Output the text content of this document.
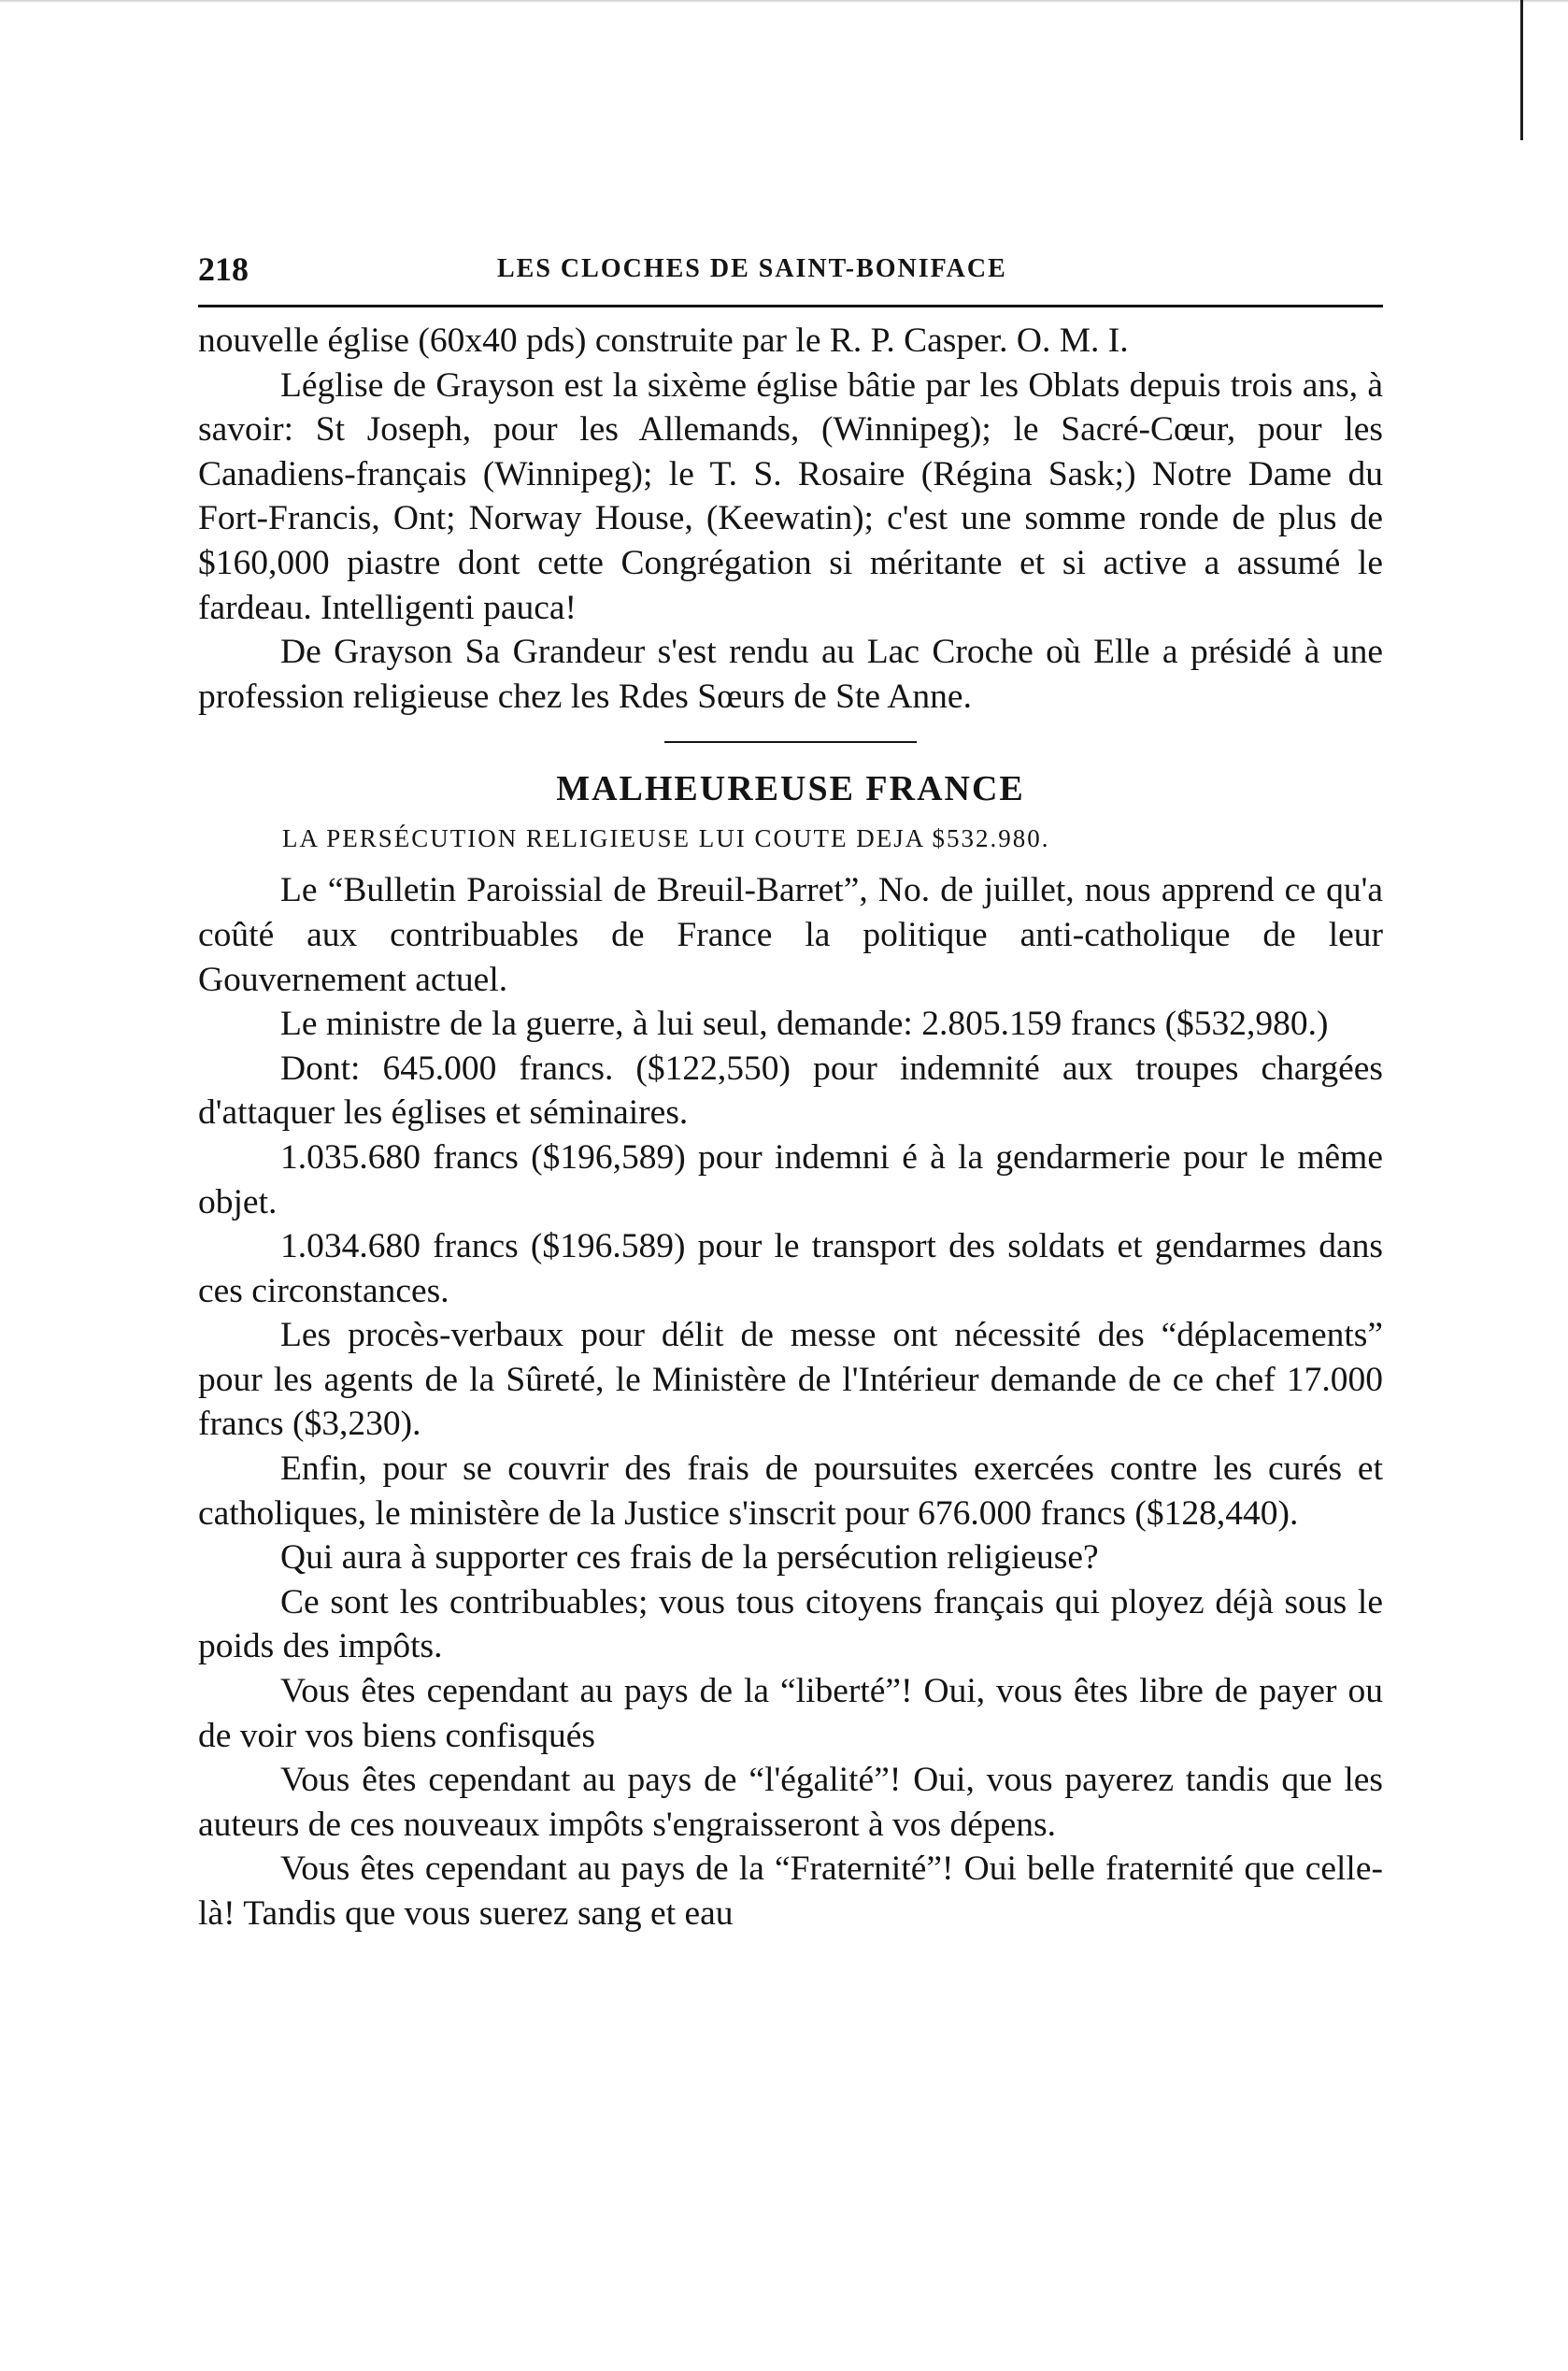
218	LES CLOCHES DE SAINT-BONIFACE

nouvelle église (60x40 pds) construite par le R. P. Casper. O. M. I.

Léglise de Grayson est la sixème église bâtie par les Oblats depuis trois ans, à savoir: St Joseph, pour les Allemands, (Winnipeg); le Sacré-Cœur, pour les Canadiens-français (Winnipeg); le T. S. Rosaire (Régina Sask;) Notre Dame du Fort-Francis, Ont; Norway House, (Keewatin); c'est une somme ronde de plus de $160,000 piastre dont cette Congrégation si méritante et si active a assumé le fardeau. Intelligenti pauca!

De Grayson Sa Grandeur s'est rendu au Lac Croche où Elle a présidé à une profession religieuse chez les Rdes Sœurs de Ste Anne.

MALHEUREUSE FRANCE
LA PERSÉCUTION RELIGIEUSE LUI COUTE DEJA $532.980.

Le “Bulletin Paroissial de Breuil-Barret”, No. de juillet, nous apprend ce qu'a coûté aux contribuables de France la politique anti-catholique de leur Gouvernement actuel.

Le ministre de la guerre, à lui seul, demande: 2.805.159 francs ($532,980.)

Dont: 645.000 francs. ($122,550) pour indemnité aux troupes chargées d'attaquer les églises et séminaires.

1.035.680 francs ($196,589) pour indemni é à la gendarmerie pour le même objet.

1.034.680 francs ($196.589) pour le transport des soldats et gendarmes dans ces circonstances.

Les procès-verbaux pour délit de messe ont nécessité des “déplacements” pour les agents de la Sûreté, le Ministère de l'Intérieur demande de ce chef 17.000 francs ($3,230).

Enfin, pour se couvrir des frais de poursuites exercées contre les curés et catholiques, le ministère de la Justice s'inscrit pour 676.000 francs ($128,440).

Qui aura à supporter ces frais de la persécution religieuse?

Ce sont les contribuables; vous tous citoyens français qui ployez déjà sous le poids des impôts.

Vous êtes cependant au pays de la “liberté”! Oui, vous êtes libre de payer ou de voir vos biens confisqués

Vous êtes cependant au pays de “l'égalité”! Oui, vous payerez tandis que les auteurs de ces nouveaux impôts s'engraisseront à vos dépens.

Vous êtes cependant au pays de la “Fraternité”! Oui belle fraternité que celle-là! Tandis que vous suerez sang et eau
